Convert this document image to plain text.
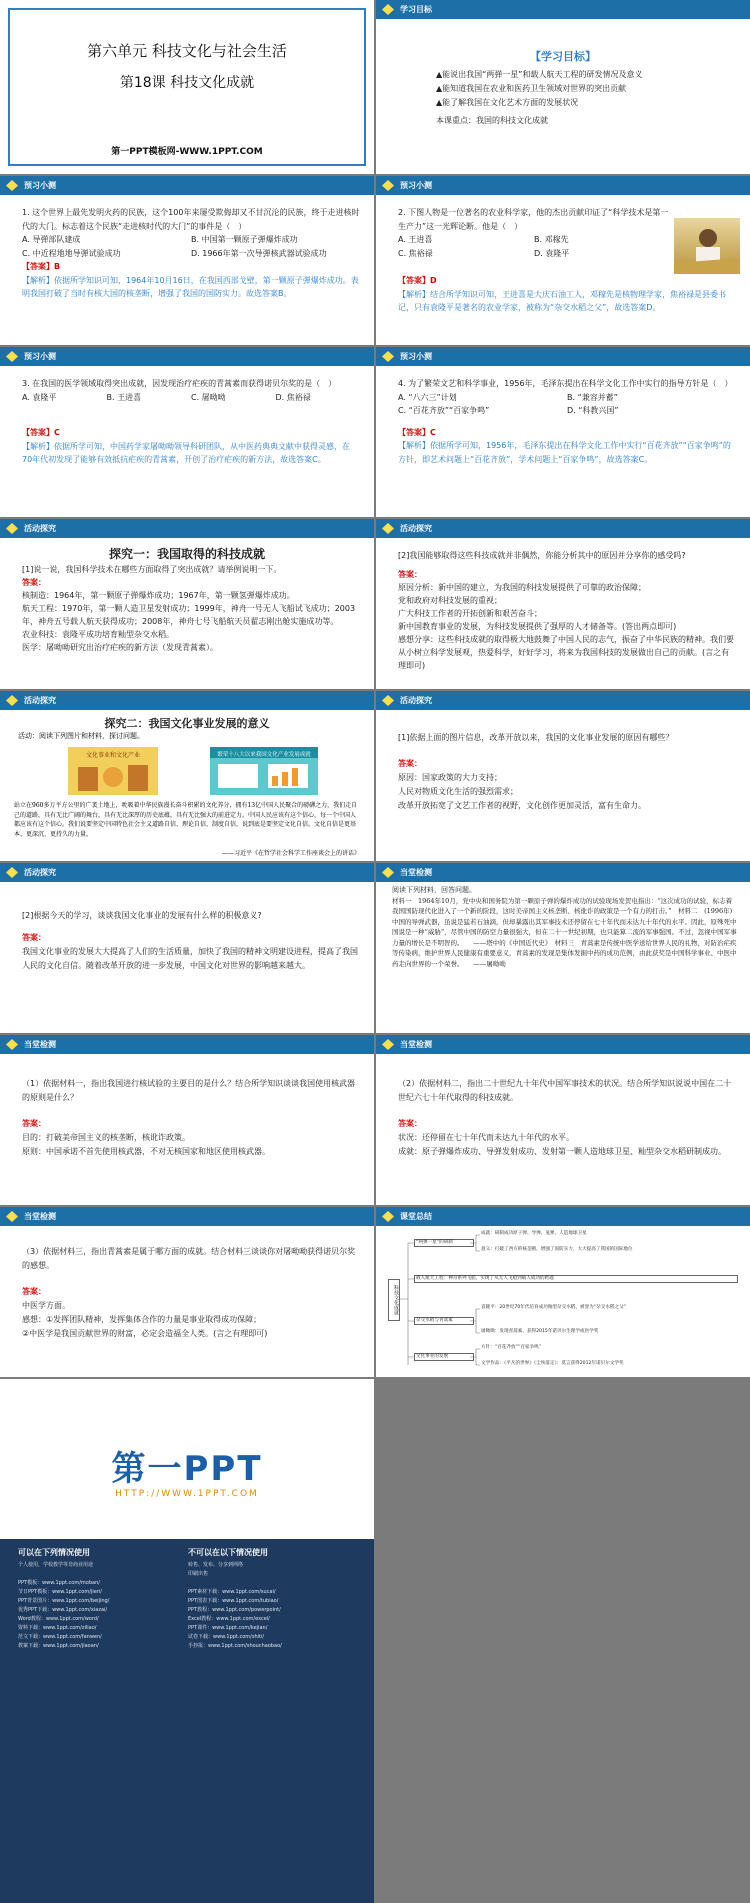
第六单元 科技文化与社会生活
第18课 科技文化成就
第一PPT模板网-WWW.1PPT.COM
学习目标
【学习目标】
▲能说出我国“两弹一星”和载人航天工程的研发情况及意义
▲能知道我国在农业和医药卫生领域对世界的突出贡献
▲能了解我国在文化艺术方面的发展状况
本课重点：我国的科技文化成就
预习小测
1. 这个世界上最先发明火药的民族，这个100年来屡受欺侮却又不甘沉沦的民族，终于走进核时代的大门。标志着这个民族“走进核时代的大门”的事件是（　）
A. 导弹部队建成	B. 中国第一颗原子弹爆炸成功
C. 中近程地地导弹试验成功	D. 1966年第一次导弹核武器试验成功
【答案】B
【解析】依据所学知识可知，1964年10月16日，在我国西部戈壁，第一颗原子弹爆炸成功。表明我国打破了当时有核大国的核垄断，增强了我国的国防实力。故选答案B。
预习小测
2. 下图人物是一位著名的农业科学家，他的杰出贡献印证了“科学技术是第一生产力”这一光辉论断。他是（　）
A. 王进喜	B. 邓稼先
C. 焦裕禄	D. 袁隆平
【答案】D
【解析】结合所学知识可知，王进喜是大庆石油工人，邓稼先是核物理学家，焦裕禄是县委书记，只有袁隆平是著名的农业学家，被称为“杂交水稻之父”，故选答案D。
预习小测
3. 在我国的医学领域取得突出成就，因发现治疗疟疾的青蒿素而获得诺贝尔奖的是（　）
A. 袁隆平	B. 王进喜	C. 屠呦呦	D. 焦裕禄
【答案】C
【解析】依据所学可知，中国药学家屠呦呦领导科研团队，从中医药典典文献中获得灵感，在70年代初发现了能够有效抵抗疟疾的青蒿素，开创了治疗疟疾的新方法，故选答案C。
预习小测
4. 为了繁荣文艺和科学事业，1956年，毛泽东提出在科学文化工作中实行的指导方针是（　）
A. “八六三”计划	B. “兼容并蓄”
C. “百花齐放”“百家争鸣”	D. “科教兴国”
【答案】C
【解析】依据所学可知，1956年，毛泽东提出在科学文化工作中实行“百花齐放”“百家争鸣”的方针，即艺术问题上“百花齐放”，学术问题上“百家争鸣”，故选答案C。
活动探究
探究一：我国取得的科技成就
[1]说一说，我国科学技术在哪些方面取得了突出成就？请举例说明一下。
答案：
核制造：1964年，第一颗原子弹爆炸成功；1967年，第一颗氢弹爆炸成功。
航天工程：1970年，第一颗人造卫星发射成功；1999年，神舟一号无人飞船试飞成功；2003年，神舟五号载人航天获得成功；2008年，神舟七号飞船航天员翟志刚出舱实施成功等。
农业科技：袁隆平成功培育籼型杂交水稻。
医学：屠呦呦研究出治疗疟疾的新方法（发现青蒿素）。
活动探究
[2]我国能够取得这些科技成就并非偶然，你能分析其中的原因并分享你的感受吗?
答案：
原因分析：新中国的建立，为我国的科技发展提供了可靠的政治保障；
党和政府对科技发展的重视；
广大科技工作者的开拓创新和艰苦奋斗；
新中国教育事业的发展，为科技发展提供了强厚的人才储备等。(答出两点即可)
感想分享：这些科技成就的取得极大地鼓舞了中国人民的志气，振奋了中华民族的精神。我们要从小树立科学发展观，热爱科学，好好学习，将来为我国科技的发展做出自己的贡献。(言之有理即可)
活动探究
探究二：我国文化事业发展的意义
活动：阅读下列图片和材料，探讨问题。
文化事业和文化产业	繁荣十八大以来我国文化产业发展成就
站立在960多万平方公里的广袤土地上，吮吸着中华民族漫长奋斗积累的文化养分，拥有13亿中国人民聚合的磅礴之力，我们走自己的道路，具有无比广阔的舞台，具有无比深厚的历史底蕴，具有无比强大的前进定力。中国人民应该有这个信心，每一个中国人都应该有这个信心。我们说要坚定中国特色社会主义道路自信、理论自信、制度自信，说到底是要坚定文化自信。文化自信是更基本、更深沉、更持久的力量。
——习近平《在哲学社会科学工作座谈会上的讲话》
活动探究
[1]依据上面的图片信息，改革开放以来，我国的文化事业发展的原因有哪些？
答案：
原因：国家政策的大力支持；
人民对物质文化生活的强烈需求；
改革开放拓宽了文艺工作者的视野，文化创作更加灵活，富有生命力。
活动探究
[2]根据今天的学习，谈谈我国文化事业的发展有什么样的积极意义?
答案：
我国文化事业的发展大大提高了人们的生活质量，加快了我国的精神文明建设进程，提高了我国人民的文化自信。随着改革开放的进一步发展，中国文化对世界的影响越来越大。
当堂检测
阅读下列材料，回答问题。
材料一　1964年10月，党中央和国务院为第一颗原子弹的爆炸成功的试验现场发贺电指出：“这次成功的试验，标志着我国国防现代化进入了一个新的阶段，这时美帝国主义核垄断、核讹诈的政策是一个有力的打击。”　材料二　(1996年)中国的导弹武器，虽说是猛若石油滴，但却暴露出其军事技术还停留在七十年代而未达九十年代的水平。因此，原殊死中国说是一种“威胁”，尽管中国的防空力量很强大，但在二十一世纪初期，也只能算二流的军事强国。不过，忽视中国军事力量的增长是不明智的。　　——塔中的《中国近代史》　材料三　青蒿素是传统中医学送给世界人民的礼物，对防治疟疾等传染病，维护世界人民健康有重要意义，青蒿素的发现是集体发掘中药的成功范例，由此获奖是中国科学事业、中医中药走向世界的一个荣誉。　　——屠呦呦
当堂检测
（1）依据材料一，指出我国进行核试验的主要目的是什么？结合所学知识谈谈我国使用核武器的原则是什么？
答案：
目的：打破美帝国主义的核垄断，核讹诈政策。
原则：中国承诺不首先使用核武器，不对无核国家和地区使用核武器。
当堂检测
（2）依据材料二，指出二十世纪九十年代中国军事技术的状况。结合所学知识说说中国在二十世纪六七十年代取得的科技成就。
答案：
状况：还停留在七十年代而未达九十年代的水平。
成就：原子弹爆炸成功、导弹发射成功、发射第一颗人造地球卫星、籼型杂交水稻研制成功。
当堂检测
（3）依据材料三，指出青蒿素是属于哪方面的成就。结合材料三谈谈你对屠呦呦获得诺贝尔奖的感想。
答案：
中医学方面。
感想：①发挥团队精神，发挥集体合作的力量是事业取得成功保障；
②中医学是我国贡献世界的财富，必定会造福全人类。(言之有理即可)
课堂总结
科技文化成就
“两弹一星”的研制
成就：研制成功原子弹、导弹、氢弹，人造地球卫星
意义：打破了西方的核垄断，增强了国防实力，大大提高了我国的国际地位
载人航天工程：神舟系列飞船，实现了从无人飞船到载人成功的跨越
杂交水稻与青蒿素
袁隆平：20世纪70年代培育成功籼型杂交水稻，被誉为“杂交水稻之父”
屠呦呦：发现青蒿素，获得2015年诺贝尔生理学或医学奖
文化事业的发展
方针：“百花齐放”“百家争鸣”
文学作品：《平凡的世界》《尘埃落定》；莫言获得2012年诺贝尔文学奖
第一PPT
HTTP://WWW.1PPT.COM
可以在下列情况使用	不可以在以下情况使用
个人使用，学校教学等非商业用途

PPT模板：www.1ppt.com/moban/
节日PPT模板：www.1ppt.com/jieri/
PPT背景图片：www.1ppt.com/beijing/
优秀PPT下载：www.1ppt.com/xiazai/
Word教程：www.1ppt.com/word/
资料下载：www.1ppt.com/ziliao/
范文下载：www.1ppt.com/fanwen/
教案下载：www.1ppt.com/jiaoan/
转售、发布、分享到网络
印刷出售

PPT素材下载：www.1ppt.com/sucai/
PPT图表下载：www.1ppt.com/tubiao/
PPT教程：www.1ppt.com/powerpoint/
Excel教程：www.1ppt.com/excel/
PPT课件：www.1ppt.com/kejian/
试卷下载：www.1ppt.com/shiti/
手抄报：www.1ppt.com/shouchaobao/
